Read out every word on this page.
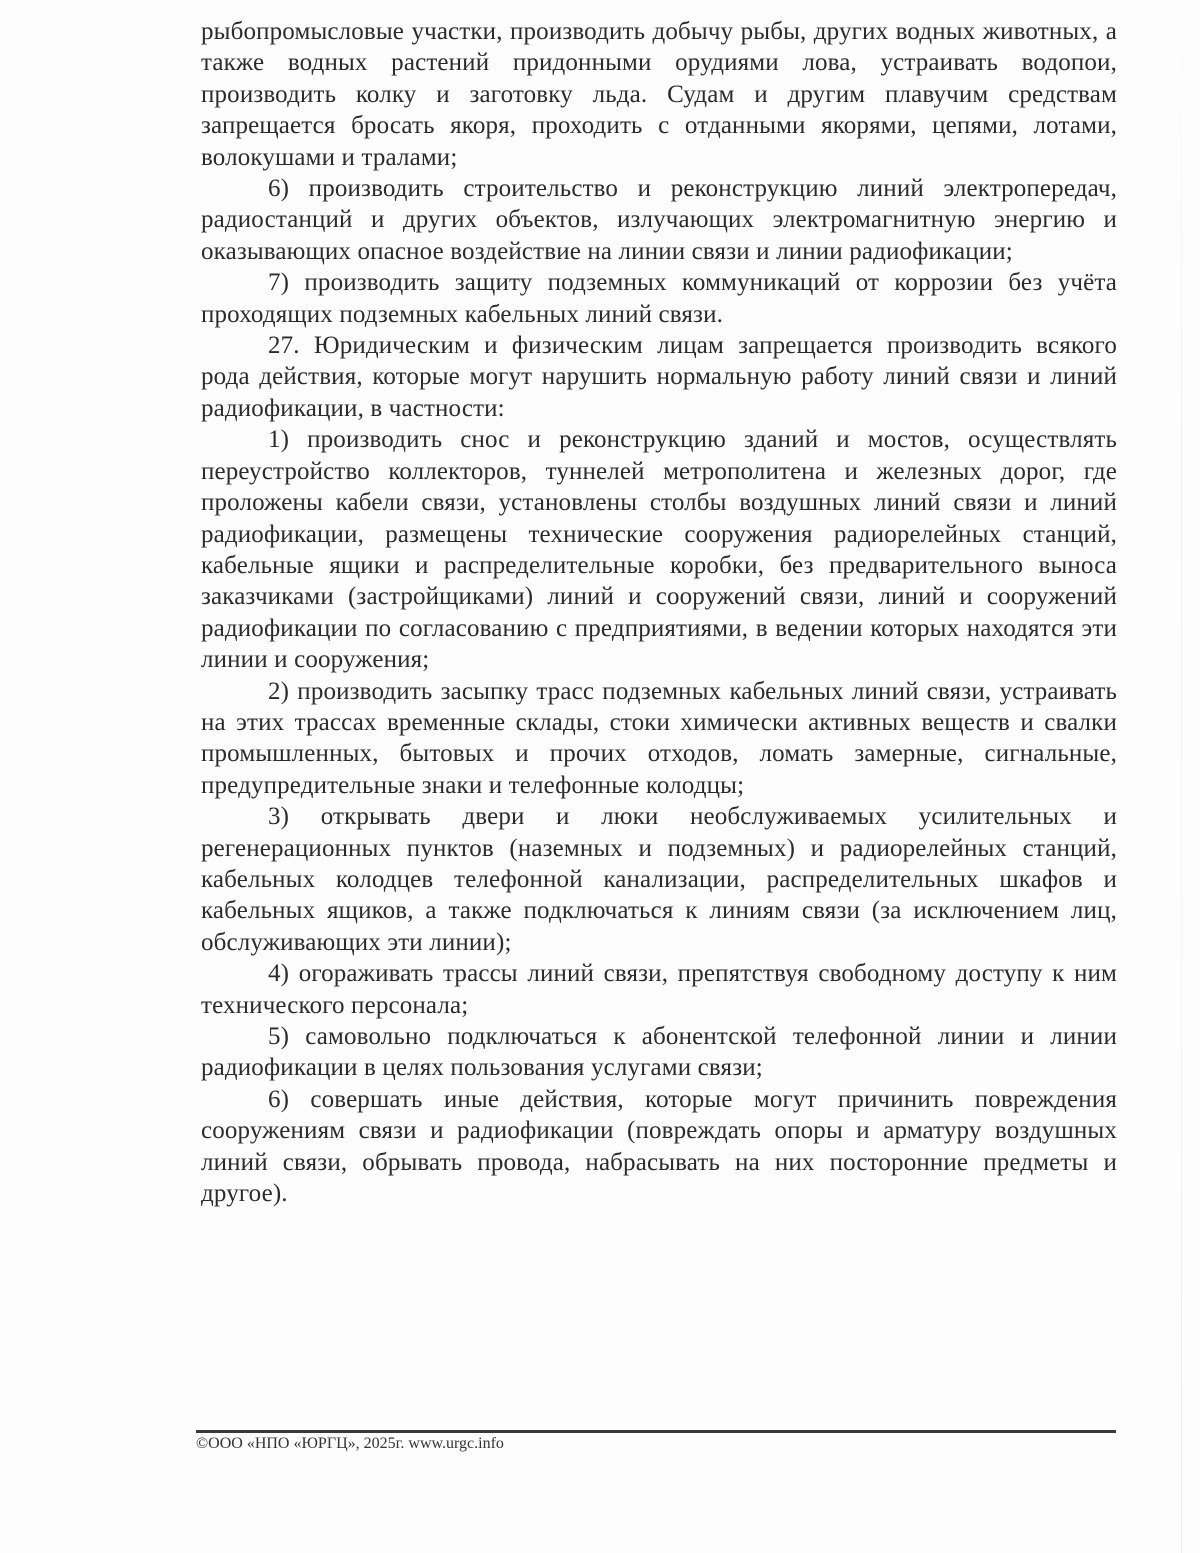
рыбопромысловые участки, производить добычу рыбы, других водных животных, а также водных растений придонными орудиями лова, устраивать водопои, производить колку и заготовку льда. Судам и другим плавучим средствам запрещается бросать якоря, проходить с отданными якорями, цепями, лотами, волокушами и тралами;

6) производить строительство и реконструкцию линий электропередач, радиостанций и других объектов, излучающих электромагнитную энергию и оказывающих опасное воздействие на линии связи и линии радиофикации;

7) производить защиту подземных коммуникаций от коррозии без учёта проходящих подземных кабельных линий связи.

27. Юридическим и физическим лицам запрещается производить всякого рода действия, которые могут нарушить нормальную работу линий связи и линий радиофикации, в частности:

1) производить снос и реконструкцию зданий и мостов, осуществлять переустройство коллекторов, туннелей метрополитена и железных дорог, где проложены кабели связи, установлены столбы воздушных линий связи и линий радиофикации, размещены технические сооружения радиорелейных станций, кабельные ящики и распределительные коробки, без предварительного выноса заказчиками (застройщиками) линий и сооружений связи, линий и сооружений радиофикации по согласованию с предприятиями, в ведении которых находятся эти линии и сооружения;

2) производить засыпку трасс подземных кабельных линий связи, устраивать на этих трассах временные склады, стоки химически активных веществ и свалки промышленных, бытовых и прочих отходов, ломать замерные, сигнальные, предупредительные знаки и телефонные колодцы;

3) открывать двери и люки необслуживаемых усилительных и регенерационных пунктов (наземных и подземных) и радиорелейных станций, кабельных колодцев телефонной канализации, распределительных шкафов и кабельных ящиков, а также подключаться к линиям связи (за исключением лиц, обслуживающих эти линии);

4) огораживать трассы линий связи, препятствуя свободному доступу к ним технического персонала;

5) самовольно подключаться к абонентской телефонной линии и линии радиофикации в целях пользования услугами связи;

6) совершать иные действия, которые могут причинить повреждения сооружениям связи и радиофикации (повреждать опоры и арматуру воздушных линий связи, обрывать провода, набрасывать на них посторонние предметы и другое).

©ООО «НПО «ЮРГЦ», 2025г. www.urgc.info
